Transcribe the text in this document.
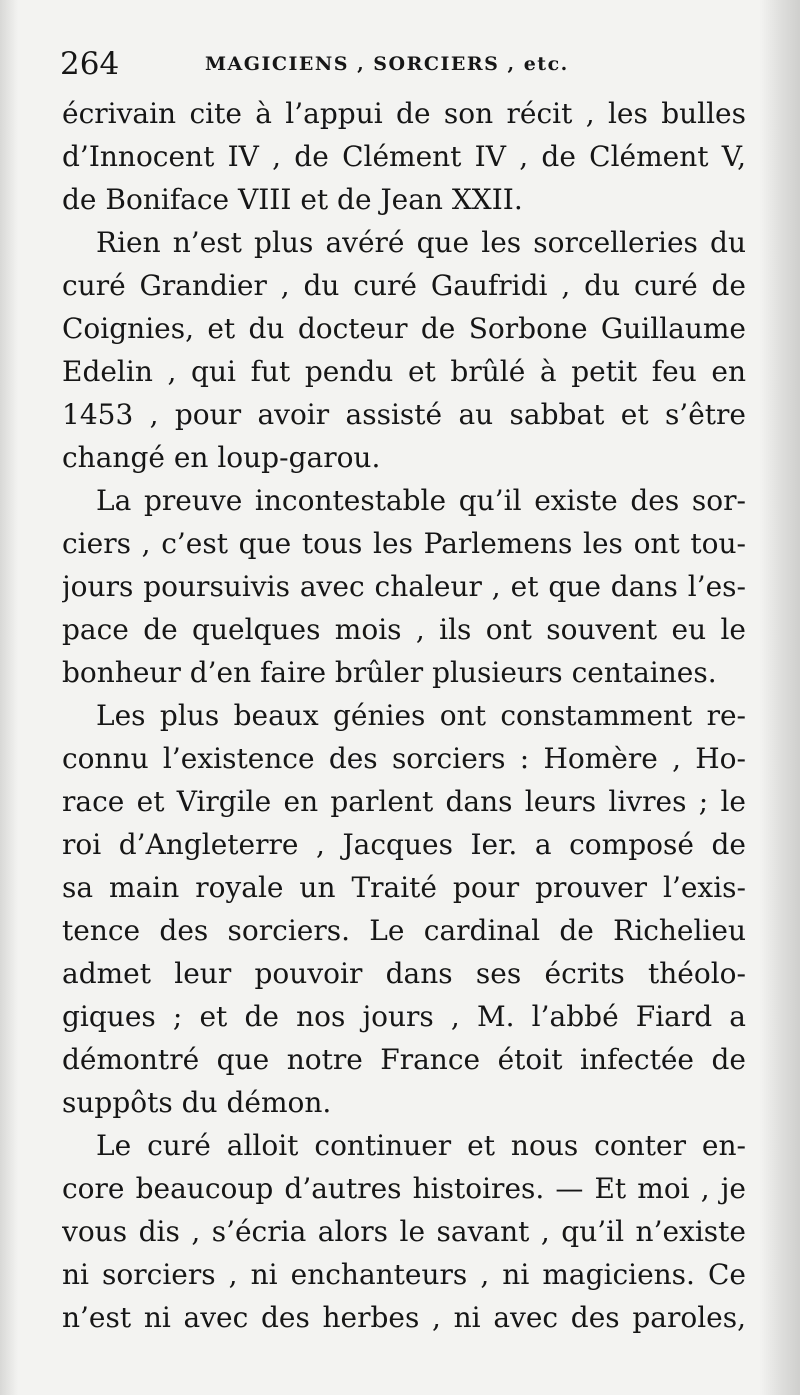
264	MAGICIENS , SORCIERS , etc.
écrivain cite à l’appui de son récit , les bulles
d’Innocent IV , de Clément IV , de Clément V,
de Boniface VIII et de Jean XXII.
Rien n’est plus avéré que les sorcelleries du
curé Grandier , du curé Gaufridi , du curé de
Coignies, et du docteur de Sorbone Guillaume
Edelin , qui fut pendu et brûlé à petit feu en
1453 , pour avoir assisté au sabbat et s’être
changé en loup-garou.
La preuve incontestable qu’il existe des sor-
ciers , c’est que tous les Parlemens les ont tou-
jours poursuivis avec chaleur , et que dans l’es-
pace de quelques mois , ils ont souvent eu le
bonheur d’en faire brûler plusieurs centaines.
Les plus beaux génies ont constamment re-
connu l’existence des sorciers : Homère , Ho-
race et Virgile en parlent dans leurs livres ; le
roi d’Angleterre , Jacques Ier. a composé de
sa main royale un Traité pour prouver l’exis-
tence des sorciers. Le cardinal de Richelieu
admet leur pouvoir dans ses écrits théolo-
giques ; et de nos jours , M. l’abbé Fiard a
démontré que notre France étoit infectée de
suppôts du démon.
Le curé alloit continuer et nous conter en-
core beaucoup d’autres histoires. — Et moi , je
vous dis , s’écria alors le savant , qu’il n’existe
ni sorciers , ni enchanteurs , ni magiciens. Ce
n’est ni avec des herbes , ni avec des paroles,
